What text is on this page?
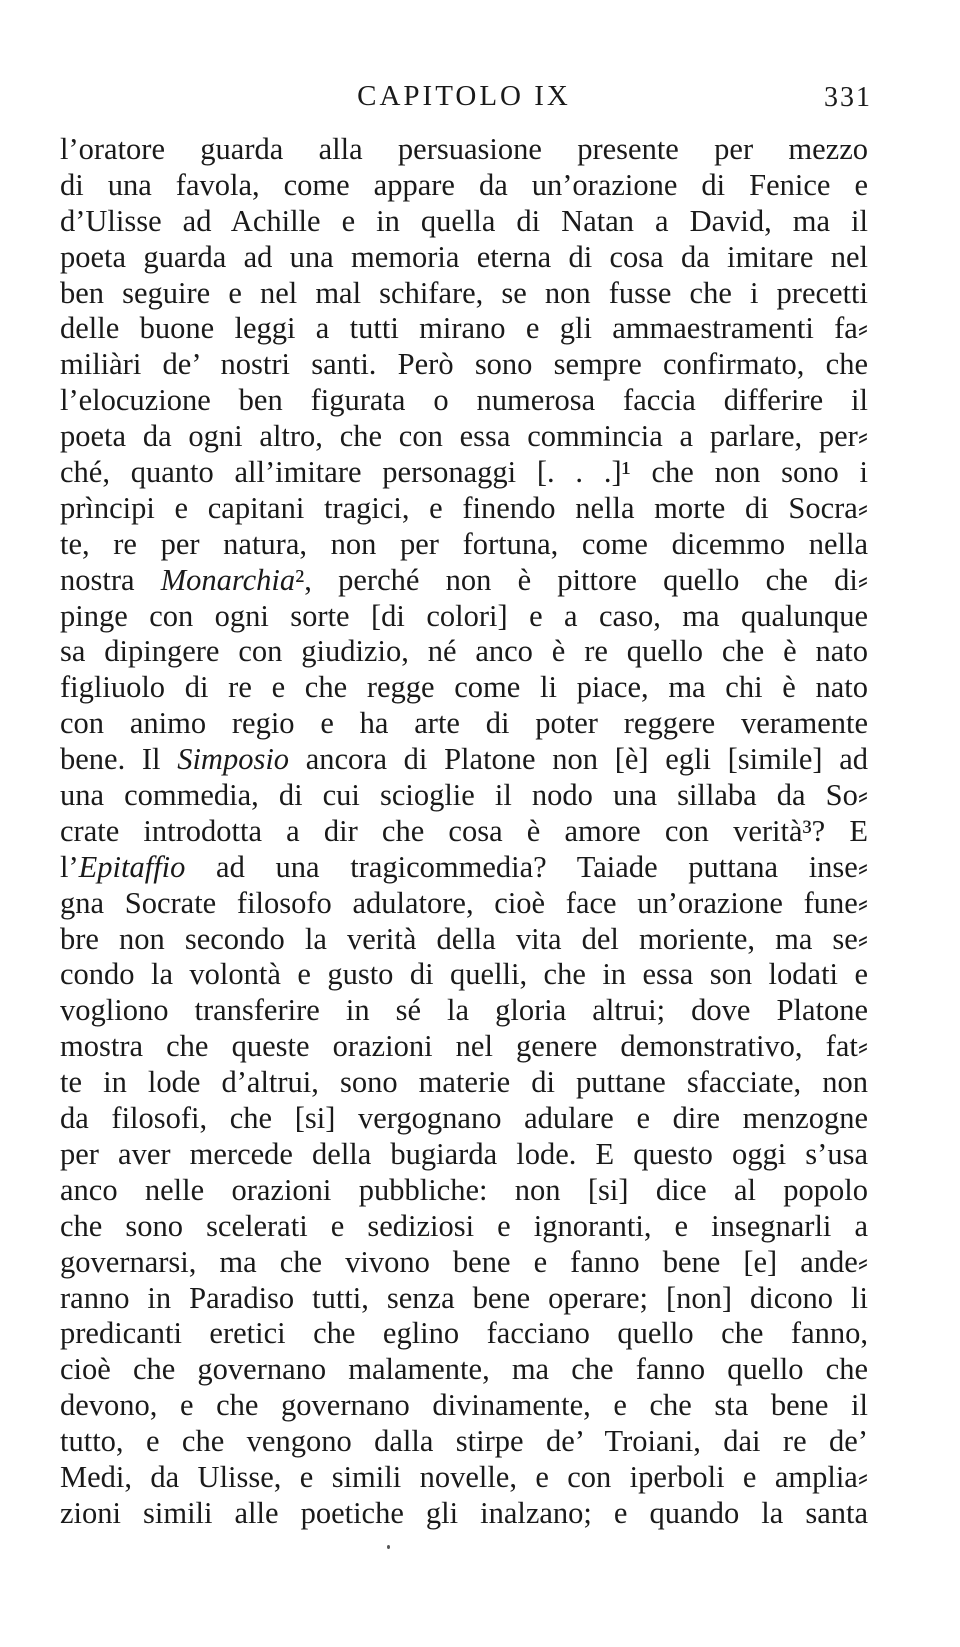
CAPITOLO IX	331
l’oratore guarda alla persuasione presente per mezzo
di una favola, come appare da un’orazione di Fenice e
d’Ulisse ad Achille e in quella di Natan a David, ma il
poeta guarda ad una memoria eterna di cosa da imitare nel
ben seguire e nel mal schifare, se non fusse che i precetti
delle buone leggi a tutti mirano e gli ammaestramenti fa⸗
miliàri de’ nostri santi. Però sono sempre confirmato, che
l’elocuzione ben figurata o numerosa faccia differire il
poeta da ogni altro, che con essa commincia a parlare, per⸗
ché, quanto all’imitare personaggi [. . .]¹ che non sono i
prìncipi e capitani tragici, e finendo nella morte di Socra⸗
te, re per natura, non per fortuna, come dicemmo nella
nostra Monarchia², perché non è pittore quello che di⸗
pinge con ogni sorte [di colori] e a caso, ma qualunque
sa dipingere con giudizio, né anco è re quello che è nato
figliuolo di re e che regge come li piace, ma chi è nato
con animo regio e ha arte di poter reggere veramente
bene. Il Simposio ancora di Platone non [è] egli [simile] ad
una commedia, di cui scioglie il nodo una sillaba da So⸗
crate introdotta a dir che cosa è amore con verità³? E
l’Epitaffio ad una tragicommedia? Taiade puttana inse⸗
gna Socrate filosofo adulatore, cioè face un’orazione fune⸗
bre non secondo la verità della vita del moriente, ma se⸗
condo la volontà e gusto di quelli, che in essa son lodati e
vogliono transferire in sé la gloria altrui; dove Platone
mostra che queste orazioni nel genere demonstrativo, fat⸗
te in lode d’altrui, sono materie di puttane sfacciate, non
da filosofi, che [si] vergognano adulare e dire menzogne
per aver mercede della bugiarda lode. E questo oggi s’usa
anco nelle orazioni pubbliche: non [si] dice al popolo
che sono scelerati e sediziosi e ignoranti, e insegnarli a
governarsi, ma che vivono bene e fanno bene [e] ande⸗
ranno in Paradiso tutti, senza bene operare; [non] dicono li
predicanti eretici che eglino facciano quello che fanno,
cioè che governano malamente, ma che fanno quello che
devono, e che governano divinamente, e che sta bene il
tutto, e che vengono dalla stirpe de’ Troiani, dai re de’
Medi, da Ulisse, e simili novelle, e con iperboli e amplia⸗
zioni simili alle poetiche gli inalzano; e quando la santa
